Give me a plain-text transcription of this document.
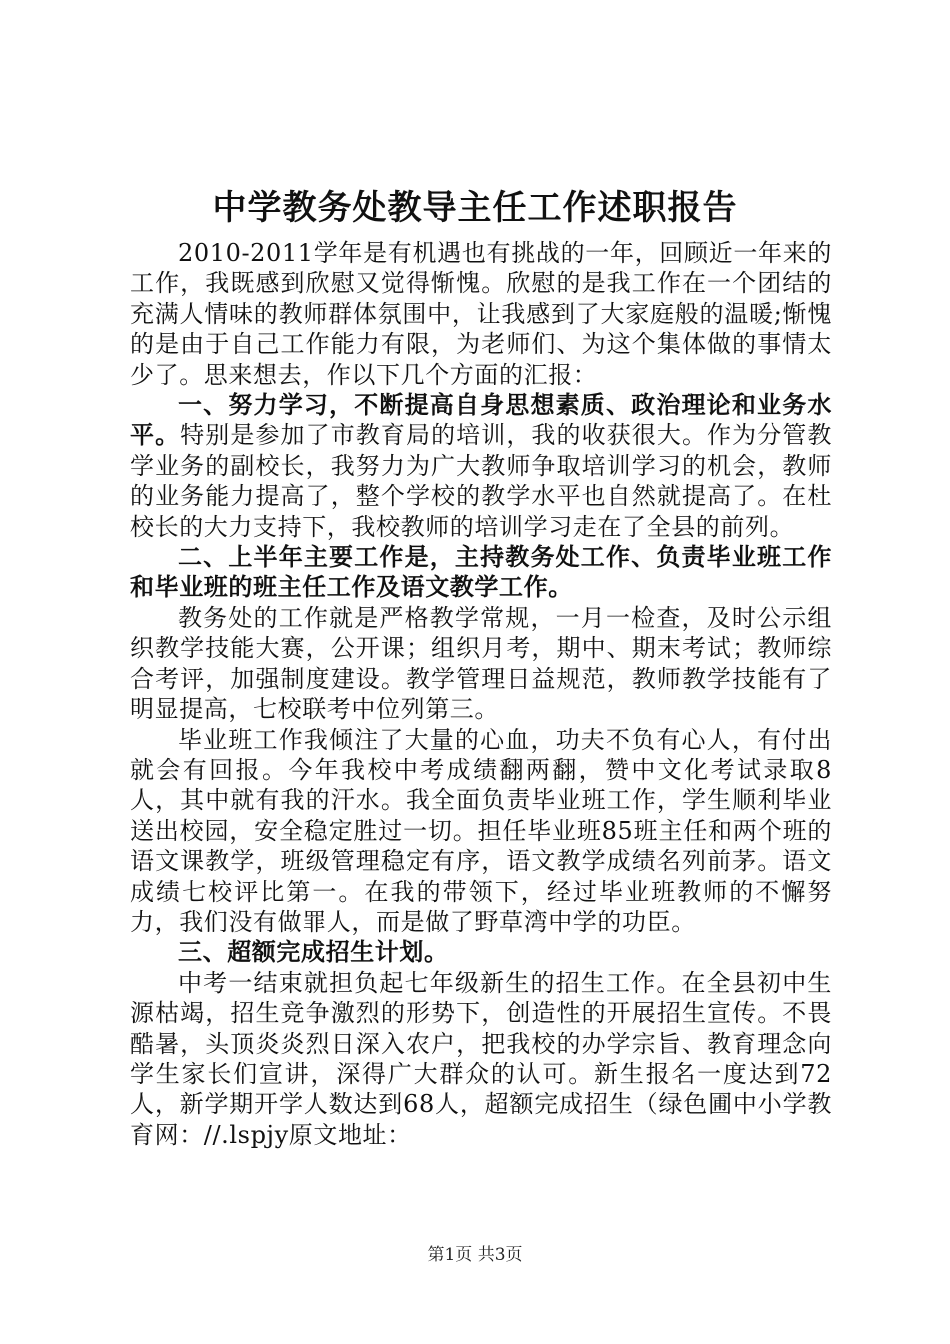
中学教务处教导主任工作述职报告

2010-2011学年是有机遇也有挑战的一年，回顾近一年来的工作，我既感到欣慰又觉得惭愧。欣慰的是我工作在一个团结的充满人情味的教师群体氛围中，让我感到了大家庭般的温暖;惭愧的是由于自己工作能力有限，为老师们、为这个集体做的事情太少了。思来想去，作以下几个方面的汇报：

一、努力学习，不断提高自身思想素质、政治理论和业务水平。特别是参加了市教育局的培训，我的收获很大。作为分管教学业务的副校长，我努力为广大教师争取培训学习的机会，教师的业务能力提高了，整个学校的教学水平也自然就提高了。在杜校长的大力支持下，我校教师的培训学习走在了全县的前列。

二、上半年主要工作是，主持教务处工作、负责毕业班工作和毕业班的班主任工作及语文教学工作。

教务处的工作就是严格教学常规，一月一检查，及时公示组织教学技能大赛，公开课；组织月考，期中、期末考试；教师综合考评，加强制度建设。教学管理日益规范，教师教学技能有了明显提高，七校联考中位列第三。

毕业班工作我倾注了大量的心血，功夫不负有心人，有付出就会有回报。今年我校中考成绩翻两翻，赞中文化考试录取8人，其中就有我的汗水。我全面负责毕业班工作，学生顺利毕业送出校园，安全稳定胜过一切。担任毕业班85班主任和两个班的语文课教学，班级管理稳定有序，语文教学成绩名列前茅。语文成绩七校评比第一。在我的带领下，经过毕业班教师的不懈努力，我们没有做罪人，而是做了野草湾中学的功臣。

三、超额完成招生计划。

中考一结束就担负起七年级新生的招生工作。在全县初中生源枯竭，招生竞争激烈的形势下，创造性的开展招生宣传。不畏酷暑，头顶炎炎烈日深入农户，把我校的办学宗旨、教育理念向学生家长们宣讲，深得广大群众的认可。新生报名一度达到72人，新学期开学人数达到68人，超额完成招生（绿色圃中小学教育网：//.lspjy原文地址：

第1页 共3页
